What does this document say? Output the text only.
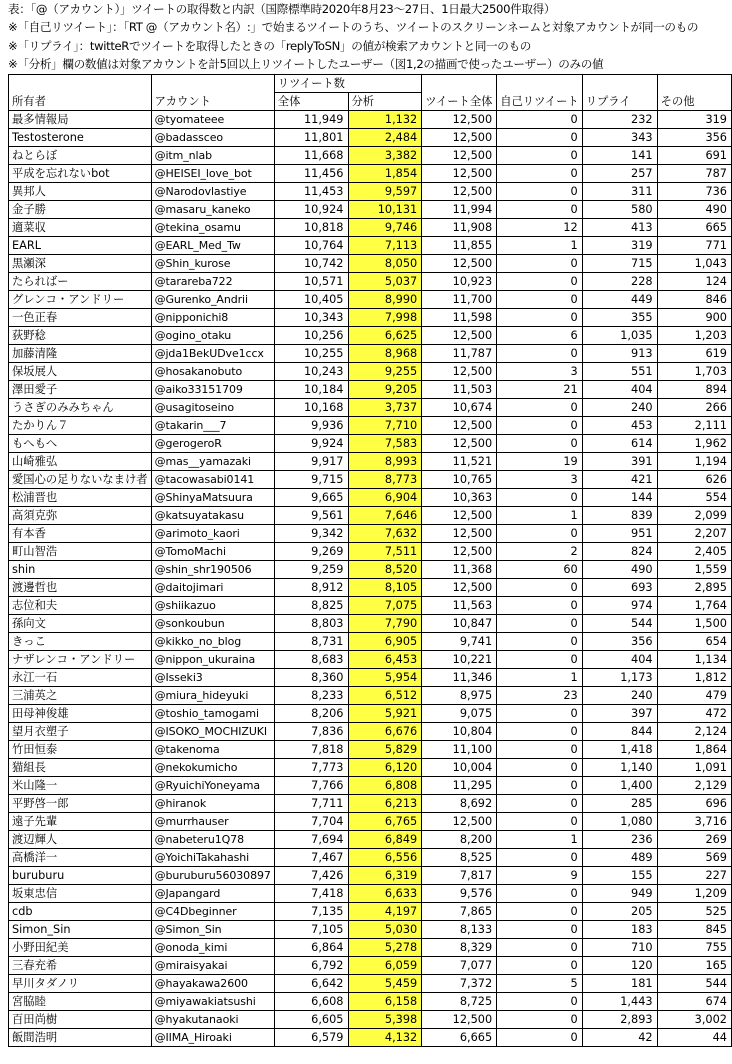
表：「@（アカウント）」ツイートの取得数と内訳（国際標準時2020年8月23～27日、1日最大2500件取得）
※「自己リツイート」：「RT @（アカウント名）:」で始まるツイートのうち、ツイートのスクリーンネームと対象アカウントが同一のもの
※「リプライ」：twitteRでツイートを取得したときの「replyToSN」の値が検索アカウントと同一のもの
※「分析」欄の数値は対象アカウントを計5回以上リツイートしたユーザー（図1,2の描画で使ったユーザー）のみの値
所有者	アカウント	リツイート数		ツイート全体	自己リツイート	リプライ	その他
		全体	分析				
最多情報局	@tyomateee	11,949	1,132	12,500	0	232	319
Testosterone	@badassceo	11,801	2,484	12,500	0	343	356
ねとらぼ	@itm_nlab	11,668	3,382	12,500	0	141	691
平成を忘れないbot	@HEISEI_love_bot	11,456	1,854	12,500	0	257	787
異邦人	@Narodovlastiye	11,453	9,597	12,500	0	311	736
金子勝	@masaru_kaneko	10,924	10,131	11,994	0	580	490
適菜収	@tekina_osamu	10,818	9,746	11,908	12	413	665
EARL	@EARL_Med_Tw	10,764	7,113	11,855	1	319	771
黒瀬深	@Shin_kurose	10,742	8,050	12,500	0	715	1,043
たらればー	@tarareba722	10,571	5,037	10,923	0	228	124
グレンコ・アンドリー	@Gurenko_Andrii	10,405	8,990	11,700	0	449	846
一色正春	@nipponichi8	10,343	7,998	11,598	0	355	900
荻野稔	@ogino_otaku	10,256	6,625	12,500	6	1,035	1,203
加藤清隆	@jda1BekUDve1ccx	10,255	8,968	11,787	0	913	619
保坂展人	@hosakanobuto	10,243	9,255	12,500	3	551	1,703
澤田愛子	@aiko33151709	10,184	9,205	11,503	21	404	894
うさぎのみみちゃん	@usagitoseino	10,168	3,737	10,674	0	240	266
たかりん７	@takarin___7	9,936	7,710	12,500	0	453	2,111
もへもへ	@gerogeroR	9,924	7,583	12,500	0	614	1,962
山崎雅弘	@mas__yamazaki	9,917	8,993	11,521	19	391	1,194
愛国心の足りないなまけ者	@tacowasabi0141	9,715	8,773	10,765	3	421	626
松浦晋也	@ShinyaMatsuura	9,665	6,904	10,363	0	144	554
高須克弥	@katsuyatakasu	9,561	7,646	12,500	1	839	2,099
有本香	@arimoto_kaori	9,342	7,632	12,500	0	951	2,207
町山智浩	@TomoMachi	9,269	7,511	12,500	2	824	2,405
shin	@shin_shr190506	9,259	8,520	11,368	60	490	1,559
渡邊哲也	@daitojimari	8,912	8,105	12,500	0	693	2,895
志位和夫	@shiikazuo	8,825	7,075	11,563	0	974	1,764
孫向文	@sonkoubun	8,803	7,790	10,847	0	544	1,500
きっこ	@kikko_no_blog	8,731	6,905	9,741	0	356	654
ナザレンコ・アンドリー	@nippon_ukuraina	8,683	6,453	10,221	0	404	1,134
永江一石	@Isseki3	8,360	5,954	11,346	1	1,173	1,812
三浦英之	@miura_hideyuki	8,233	6,512	8,975	23	240	479
田母神俊雄	@toshio_tamogami	8,206	5,921	9,075	0	397	472
望月衣塑子	@ISOKO_MOCHIZUKI	7,836	6,676	10,804	0	844	2,124
竹田恒泰	@takenoma	7,818	5,829	11,100	0	1,418	1,864
猫組長	@nekokumicho	7,773	6,120	10,004	0	1,140	1,091
米山隆一	@RyuichiYoneyama	7,766	6,808	11,295	0	1,400	2,129
平野啓一郎	@hiranok	7,711	6,213	8,692	0	285	696
遠子先輩	@murrhauser	7,704	6,765	12,500	0	1,080	3,716
渡辺輝人	@nabeteru1Q78	7,694	6,849	8,200	1	236	269
高橋洋一	@YoichiTakahashi	7,467	6,556	8,525	0	489	569
buruburu	@buruburu56030897	7,426	6,319	7,817	9	155	227
坂東忠信	@Japangard	7,418	6,633	9,576	0	949	1,209
cdb	@C4Dbeginner	7,135	4,197	7,865	0	205	525
Simon_Sin	@Simon_Sin	7,105	5,030	8,133	0	183	845
小野田紀美	@onoda_kimi	6,864	5,278	8,329	0	710	755
三春充希	@miraisyakai	6,792	6,059	7,077	0	120	165
早川タダノリ	@hayakawa2600	6,642	5,459	7,372	5	181	544
宮脇睦	@miyawakiatsushi	6,608	6,158	8,725	0	1,443	674
百田尚樹	@hyakutanaoki	6,605	5,398	12,500	0	2,893	3,002
飯間浩明	@IIMA_Hiroaki	6,579	4,132	6,665	0	42	44
